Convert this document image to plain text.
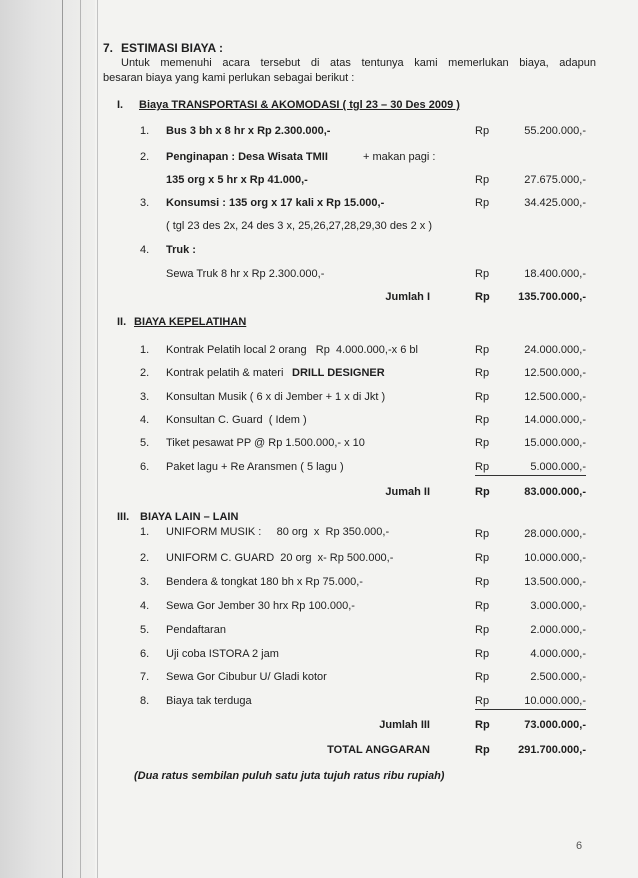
7. ESTIMASI BIAYA :
Untuk memenuhi acara tersebut di atas tentunya kami memerlukan biaya, adapun
besaran biaya yang kami perlukan sebagai berikut :
I. Biaya TRANSPORTASI & AKOMODASI ( tgl 23 – 30 Des 2009 )
1. Bus 3 bh x 8 hr x Rp 2.300.000,-	Rp	55.200.000,-
2. Penginapan : Desa Wisata TMII	+ makan pagi :
135 org x 5 hr x Rp 41.000,-	Rp	27.675.000,-
3. Konsumsi : 135 org x 17 kali x Rp 15.000,-	Rp	34.425.000,-
( tgl 23 des 2x, 24 des 3 x, 25,26,27,28,29,30 des 2 x )
4. Truk :
Sewa Truk 8 hr x Rp 2.300.000,-	Rp	18.400.000,-
Jumlah I	Rp	135.700.000,-
II. BIAYA KEPELATIHAN
1. Kontrak Pelatih local 2 orang   Rp  4.000.000,-x 6 bl	Rp	24.000.000,-
2. Kontrak pelatih & materi DRILL DESIGNER	Rp	12.500.000,-
3. Konsultan Musik ( 6 x di Jember + 1 x di Jkt )	Rp	12.500.000,-
4. Konsultan C. Guard  ( Idem )	Rp	14.000.000,-
5. Tiket pesawat PP @ Rp 1.500.000,- x 10	Rp	15.000.000,-
6. Paket lagu + Re Aransmen ( 5 lagu )	Rp	5.000.000,-
Jumah II	Rp	83.000.000,-
III. BIAYA LAIN – LAIN
1. UNIFORM MUSIK :     80 org  x  Rp 350.000,-	Rp	28.000.000,-
2. UNIFORM C. GUARD  20 org  x- Rp 500.000,-	Rp	10.000.000,-
3. Bendera & tongkat 180 bh x Rp 75.000,-	Rp	13.500.000,-
4. Sewa Gor Jember 30 hrx Rp 100.000,-	Rp	3.000.000,-
5. Pendaftaran	Rp	2.000.000,-
6. Uji coba ISTORA 2 jam	Rp	4.000.000,-
7. Sewa Gor Cibubur U/ Gladi kotor	Rp	2.500.000,-
8. Biaya tak terduga	Rp	10.000.000,-
Jumlah III	Rp	73.000.000,-
TOTAL ANGGARAN	Rp	291.700.000,-
(Dua ratus sembilan puluh satu juta tujuh ratus ribu rupiah)
6
